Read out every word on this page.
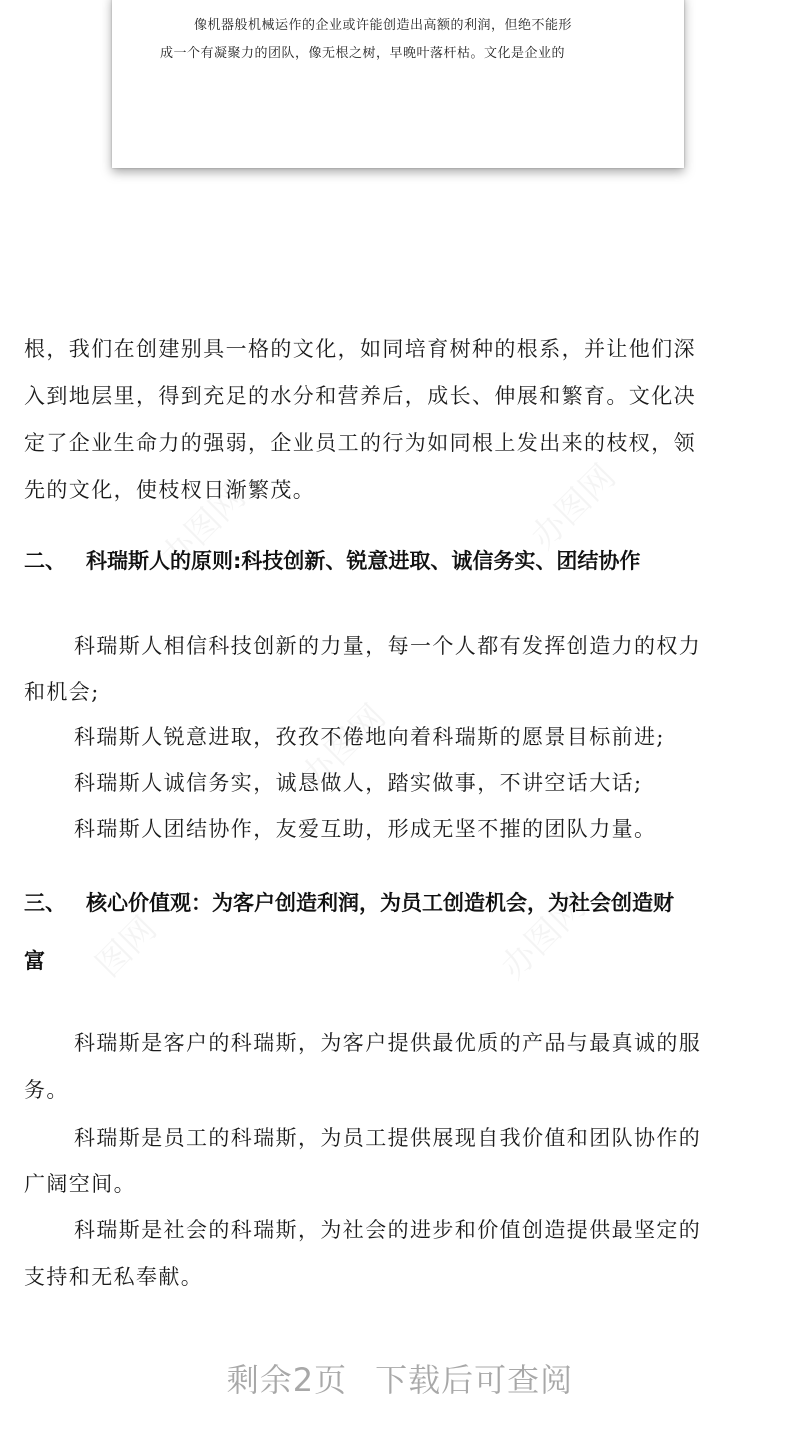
像机器般机械运作的企业或许能创造出高额的利润，但绝不能形
成一个有凝聚力的团队，像无根之树，早晚叶落杆枯。文化是企业的
根，我们在创建别具一格的文化，如同培育树种的根系，并让他们深
入到地层里，得到充足的水分和营养后，成长、伸展和繁育。文化决
定了企业生命力的强弱，企业员工的行为如同根上发出来的枝杈，领
先的文化，使枝杈日渐繁茂。
二、 科瑞斯人的原则:科技创新、锐意进取、诚信务实、团结协作
科瑞斯人相信科技创新的力量，每一个人都有发挥创造力的权力
和机会;
科瑞斯人锐意进取，孜孜不倦地向着科瑞斯的愿景目标前进;
科瑞斯人诚信务实，诚恳做人，踏实做事，不讲空话大话;
科瑞斯人团结协作，友爱互助，形成无坚不摧的团队力量。
三、 核心价值观：为客户创造利润，为员工创造机会，为社会创造财
富
科瑞斯是客户的科瑞斯，为客户提供最优质的产品与最真诚的服
务。
科瑞斯是员工的科瑞斯，为员工提供展现自我价值和团队协作的
广阔空间。
科瑞斯是社会的科瑞斯，为社会的进步和价值创造提供最坚定的
支持和无私奉献。
剩余2页 下载后可查阅
